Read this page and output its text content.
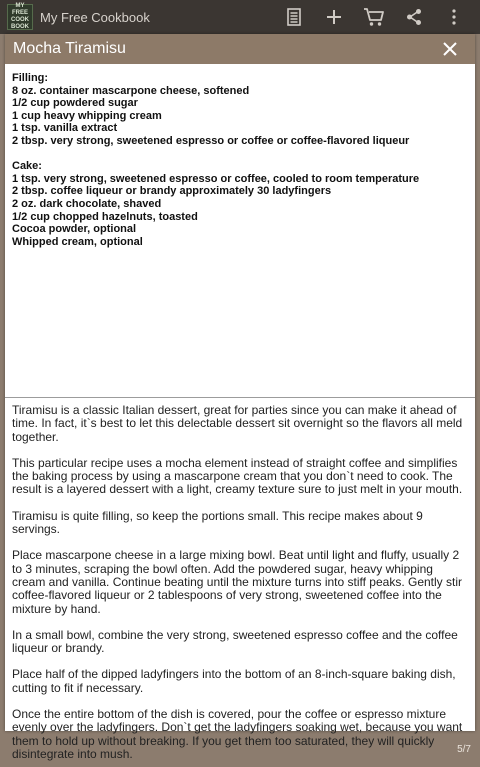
MY FREE
COOK
BOOK
My Free Cookbook
Mocha Tiramisu
Filling:
8 oz. container mascarpone cheese, softened
1/2 cup powdered sugar
1 cup heavy whipping cream
1 tsp. vanilla extract
2 tbsp. very strong, sweetened espresso or coffee or coffee-flavored liqueur
Cake:
1 tsp. very strong, sweetened espresso or coffee, cooled to room temperature
2 tbsp. coffee liqueur or brandy approximately 30 ladyfingers
2 oz. dark chocolate, shaved
1/2 cup chopped hazelnuts, toasted
Cocoa powder, optional
Whipped cream, optional

Tiramisu is a classic Italian dessert, great for parties since you can make it ahead of time. In fact, it`s best to let this delectable dessert sit overnight so the flavors all meld together.

This particular recipe uses a mocha element instead of straight coffee and simplifies the baking process by using a mascarpone cream that you don`t need to cook. The result is a layered dessert with a light, creamy texture sure to just melt in your mouth.

Tiramisu is quite filling, so keep the portions small. This recipe makes about 9 servings.

Place mascarpone cheese in a large mixing bowl. Beat until light and fluffy, usually 2 to 3 minutes, scraping the bowl often. Add the powdered sugar, heavy whipping cream and vanilla. Continue beating until the mixture turns into stiff peaks. Gently stir coffee-flavored liqueur or 2 tablespoons of very strong, sweetened coffee into the mixture by hand.

In a small bowl, combine the very strong, sweetened espresso coffee and the coffee liqueur or brandy.

Place half of the dipped ladyfingers into the bottom of an 8-inch-square baking dish, cutting to fit if necessary.

Once the entire bottom of the dish is covered, pour the coffee or espresso mixture evenly over the ladyfingers. Don`t get the ladyfingers soaking wet, because you want them to hold up without breaking. If you get them too saturated, they will quickly disintegrate into mush.	5/7
